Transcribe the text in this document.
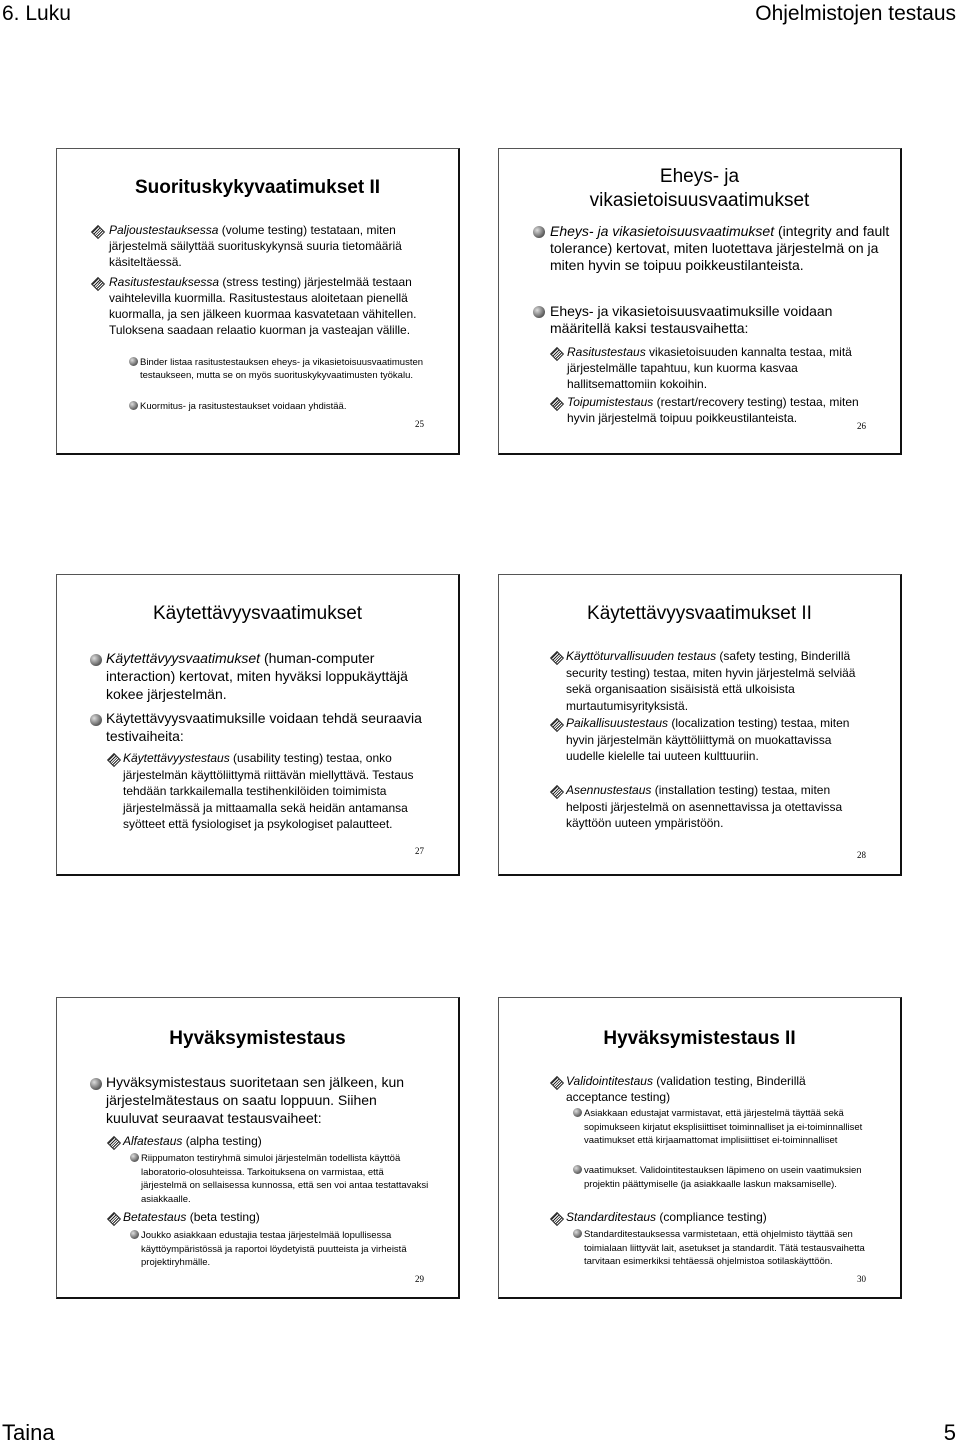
6. Luku	Ohjelmistojen testaus
Suorituskykyvaatimukset II
Paljoustestauksessa (volume testing) testataan, miten järjestelmä säilyttää suorituskykynsä suuria tietomääriä käsiteltäessä.
Rasitustestauksessa (stress testing) järjestelmää testaan vaihtelevilla kuormilla. Rasitustestaus aloitetaan pienellä kuormalla, ja sen jälkeen kuormaa kasvatetaan vähitellen. Tuloksena saadaan relaatio kuorman ja vasteajan välille.
Binder listaa rasitustestauksen eheys- ja vikasietoisuusvaatimusten testaukseen, mutta se on myös suorituskykyvaatimusten työkalu.
Kuormitus- ja rasitustestaukset voidaan yhdistää.
25
Eheys- ja
vikasietoisuusvaatimukset
Eheys- ja vikasietoisuusvaatimukset (integrity and fault tolerance) kertovat, miten luotettava järjestelmä on ja miten hyvin se toipuu poikkeustilanteista.
Eheys- ja vikasietoisuusvaatimuksille voidaan määritellä kaksi testausvaihetta:
Rasitustestaus vikasietoisuuden kannalta testaa, mitä järjestelmälle tapahtuu, kun kuorma kasvaa hallitsemattomiin kokoihin.
Toipumistestaus (restart/recovery testing) testaa, miten hyvin järjestelmä toipuu poikkeustilanteista.
26
Käytettävyysvaatimukset
Käytettävyysvaatimukset (human-computer interaction) kertovat, miten hyväksi loppukäyttäjä kokee järjestelmän.
Käytettävyysvaatimuksille voidaan tehdä seuraavia testivaiheita:
Käytettävyystestaus (usability testing) testaa, onko järjestelmän käyttöliittymä riittävän miellyttävä. Testaus tehdään tarkkailemalla testihenkilöiden toimimista järjestelmässä ja mittaamalla sekä heidän antamansa syötteet että fysiologiset ja psykologiset palautteet.
27
Käytettävyysvaatimukset II
Käyttöturvallisuuden testaus (safety testing, Binderillä security testing) testaa, miten hyvin järjestelmä selviää sekä organisaation sisäisistä että ulkoisista murtautumisyrityksistä.
Paikallisuustestaus (localization testing) testaa, miten hyvin järjestelmän käyttöliittymä on muokattavissa uudelle kielelle tai uuteen kulttuuriin.
Asennustestaus (installation testing) testaa, miten helposti järjestelmä on asennettavissa ja otettavissa käyttöön uuteen ympäristöön.
28
Hyväksymistestaus
Hyväksymistestaus suoritetaan sen jälkeen, kun järjestelmätestaus on saatu loppuun. Siihen kuuluvat seuraavat testausvaiheet:
Alfatestaus (alpha testing)
Riippumaton testiryhmä simuloi järjestelmän todellista käyttöä laboratorio-olosuhteissa. Tarkoituksena on varmistaa, että järjestelmä on sellaisessa kunnossa, että sen voi antaa testattavaksi asiakkaalle.
Betatestaus (beta testing)
Joukko asiakkaan edustajia testaa järjestelmää lopullisessa käyttöympäristössä ja raportoi löydetyistä puutteista ja virheistä projektiryhmälle.
29
Hyväksymistestaus II
Validointitestaus (validation testing, Binderillä acceptance testing)
Asiakkaan edustajat varmistavat, että järjestelmä täyttää sekä sopimukseen kirjatut eksplisiittiset toiminnalliset ja ei-toiminnalliset vaatimukset että kirjaamattomat implisiittiset ei-toiminnalliset
vaatimukset. Validointitestauksen läpimeno on usein vaatimuksien projektin päättymiselle (ja asiakkaalle laskun maksamiselle).
Standarditestaus (compliance testing)
Standarditestauksessa varmistetaan, että ohjelmisto täyttää sen toimialaan liittyvät lait, asetukset ja standardit. Tätä testausvaihetta tarvitaan esimerkiksi tehtäessä ohjelmistoa sotilaskäyttöön.
30
Taina	5
